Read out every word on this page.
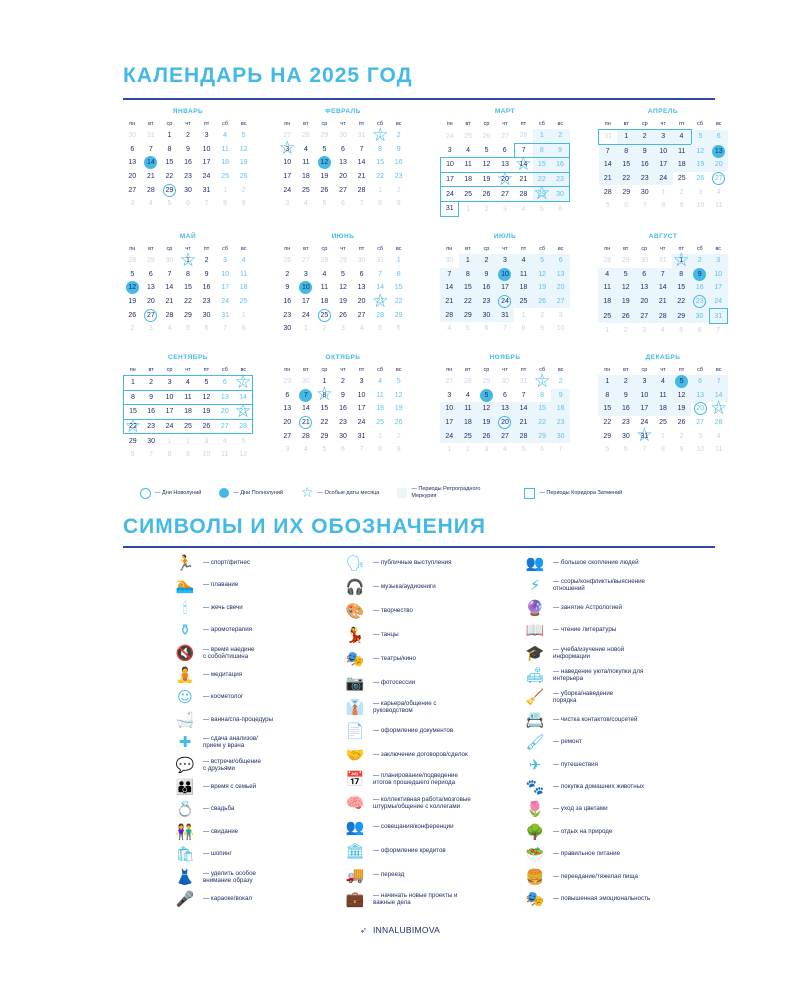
КАЛЕНДАРЬ НА 2025 ГОД
ЯНВАРЬ
пн	вт	ср	чт	пт	сб	вс
30	31	1	2	3	4	5
6	7	8	9	10	11	12
13	14	15	16	17	18	19
20	21	22	23	24	25	26
27	28	29	30	31	1	2
3	4	5	6	7	8	9
ФЕВРАЛЬ
пн	вт	ср	чт	пт	сб	вс
27	28	29	30	31	☆ 1	2
☆ 3	4	5	6	7	8	9
10	11	12	13	14	15	16
17	18	19	20	21	22	23
24	25	26	27	28	1	2
3	4	5	6	7	8	9
МАРТ
пн	вт	ср	чт	пт	сб	вс
24	25	26	27	28	1	2
3	4	5	6	7	8	9
10	11	12	13	☆ 14	15	16
17	18	19	☆ 20	21	22	23
24	25	26	27	28	☆ 29	30
31	1	2	3	4	5	6
АПРЕЛЬ
пн	вт	ср	чт	пт	сб	вс
31	1	2	3	4	5	6
7	8	9	10	11	12	13
14	15	16	17	18	19	20
21	22	23	24	25	26	27
28	29	30	1	2	3	4
5	6	7	8	9	10	11
МАЙ
пн	вт	ср	чт	пт	сб	вс
28	29	30	☆ 1	2	3	4
5	6	7	8	9	10	11
12	13	14	15	16	17	18
19	20	21	22	23	24	25
26	27	28	29	30	31	1
2	3	4	5	6	7	8
ИЮНЬ
пн	вт	ср	чт	пт	сб	вс
26	27	28	29	30	31	1
2	3	4	5	6	7	8
9	10	11	12	13	14	15
16	17	18	19	20	☆ 21	22
23	24	25	26	27	28	29
30	1	2	3	4	5	6
ИЮЛЬ
пн	вт	ср	чт	пт	сб	вс
30	1	2	3	4	5	6
7	8	9	10	11	12	13
14	15	16	17	18	19	20
21	22	23	24	25	26	27
28	29	30	31	1	2	3
4	5	6	7	8	9	10
АВГУСТ
пн	вт	ср	чт		сб	вс
28	29	30	31	☆ 1	2	3
4	5	6	7	8	9	10
11	12	13	14	15	16	17
18	19	20	21	22	23	24
25	26	27	28	29	30	31
1	2	3	4	5	6	7
СЕНТЯБРЬ
пн	вт	ср	чт	пт	сб	вс
1	2	3	4	5	6	☆ 7
8	9	10	11	12	13	14
15	16	17	18	19	20	☆ 21
☆ 22	23	24	25	26	27	28
29	30	1	2	3	4	5
6	7	8	9	10	11	12
ОКТЯБРЬ
пн	вт	ср	чт	пт	сб	вс
29	30	1	2	3	4	5
6	7	☆ 8	9	10	11	12
13	14	15	16	17	18	19
20	21	22	23	24	25	26
27	28	29	30	31	1	2
3	4	5	6	7	8	9
НОЯБРЬ
пн	вт	ср	чт	пт	сб	вс
27	28	29	30	31	☆ 1	2
3	4	5	6	7	8	9
10	11	12	13	14	15	16
17	18	19	20	21	22	23
24	25	26	27	28	29	30
1	2	3	4	5	6	7
ДЕКАБРЬ
пн	вт	ср	чт	пт	сб	вс
1	2	3	4	5	6	7
8	9	10	11	12	13	14
15	16	17	18	19	20	☆ 21
22	23	24	25	26	27	28
29	30	☆ 31	1	2	3	4
5	6	7	8	9	10	11
— Дни Новолуний	— Дни Полнолуний ☆ — Особые даты месяца
— Периоды Ретроградного Меркурия	— Периоды Коридора Затмений
СИМВОЛЫ И ИХ ОБОЗНАЧЕНИЯ
🏃 — спорт/фитнес
🏊 — плавание
🕯	— жечь свечи
⚱	— аромотерапия
🔇 — время наедине
с собой/тишина
🧘 — медитация
☺	— косметолог
🛁 — ванна/спа-процедуры
✚	— сдача анализов/
прием у врача
💬 — встречи/общение
с друзьями
👪 — время с семьей
💍 — свадьба
👫 — свидание
🛍 — шопинг
👗 — уделить особое
внимание образу
🎤 — караоке/вокал
🗣 — публичные выступления
🎧 — музыка/аудиокниги
🎨 — творчество
💃 — танцы
🎭 — театры/кино
📷 — фотосессии
👔 — карьера/общение с
руководством
📄 — оформление документов
🤝 — заключение договоров/сделок
📅 — планирование/подведение
итогов прошедшего периода
🧠 — коллективная работа/мозговые
штурмы/общение с коллегами
👥 — совещания/конференции
🏛 — оформление кредитов
🚚 — переезд
💼 — начинать новые проекты и
важные дела
👥 — большое скопление людей
⚡	— ссоры/конфликты/выяснение
отношений
🔮 — занятие Астрологией
📖 — чтение литературы
🎓 — учеба/изучение новой
информации
🛋 — наведение уюта/покупки для
интерьера
🧹 — уборка/наведение
порядка
📇 — чистка контактов/соцсетей
🖌 — ремонт
✈	— путешествия
🐾 — покупка домашних животных
🌷 — уход за цветами
🌳 — отдых на природе
🥗 — правильное питание
🍔 — переедание/тяжелая пища
🎭 — повышенная эмоциональность
➶ INNALUBIMOVA
